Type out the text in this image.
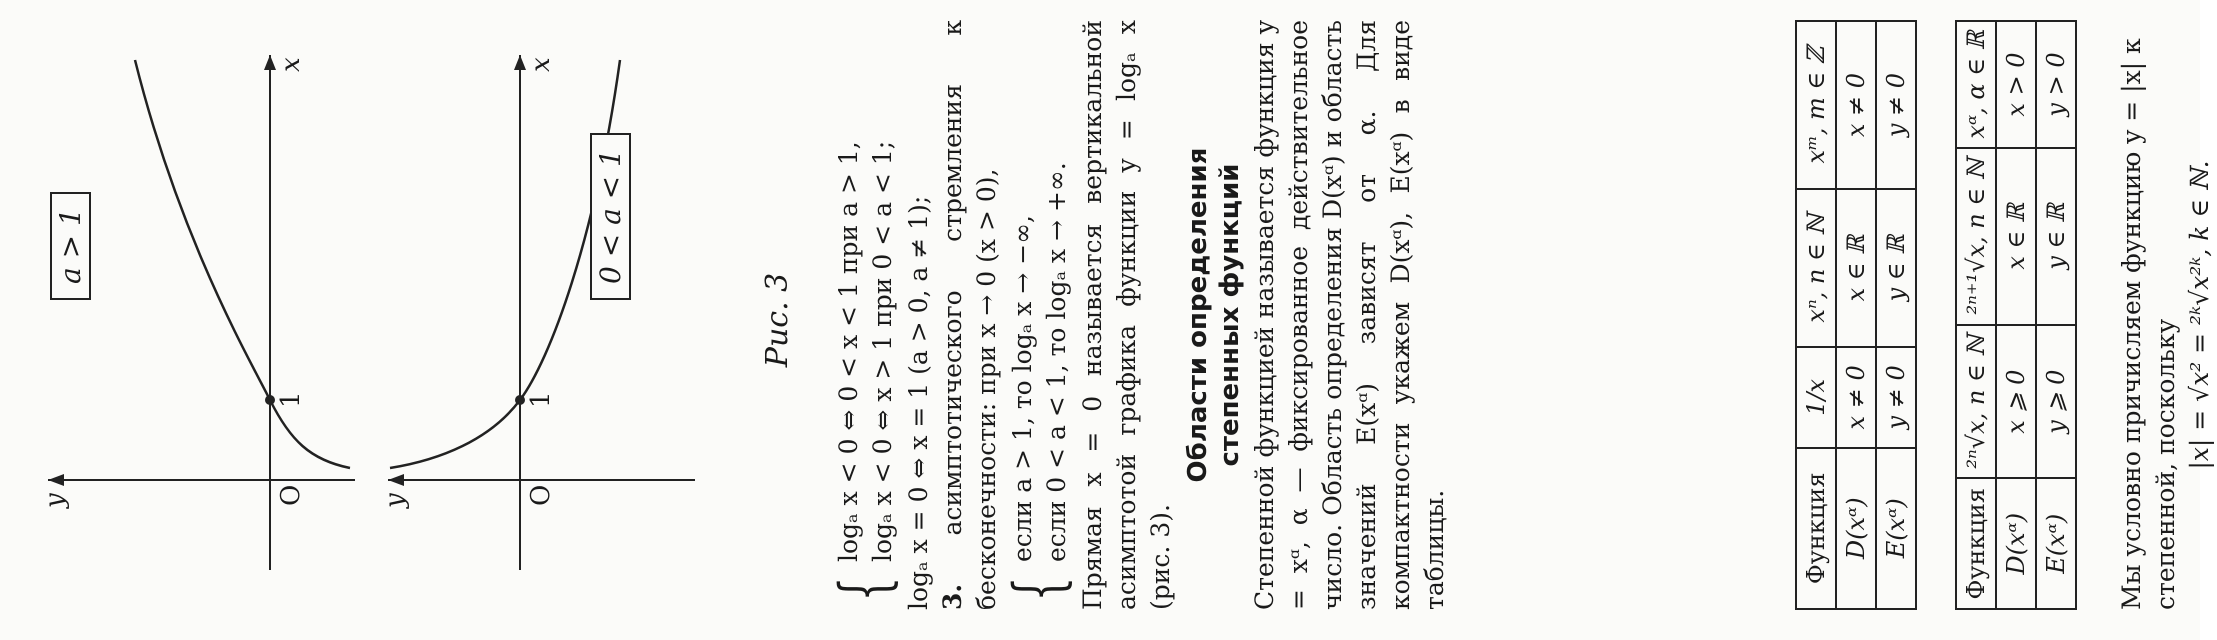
y
x
O
1
a > 1
y
x
O
1
0 < a < 1
Рис. 3
{
logₐ x < 0 ⇔ 0 < x < 1 при a > 1, logₐ x < 0 ⇔ x > 1 при 0 < a < 1; logₐ x = 0 ⇔ x = 1 (a > 0, a ≠ 1); 3. асимптотического стремления к бесконечности: при x → 0 (x > 0), {
если a > 1, то logₐ x → −∞, если 0 < a < 1, то logₐ x → +∞. Прямая x = 0 называется вертикальной асимптотой графика функции y = logₐ x (рис. 3).

Области определения степенных функций Степенной функцией называется функция y = xᵅ, α — фиксированное действительное число. Область определения D(xᵅ) и область значений E(xᵅ) зависят от α. Для компактности укажем D(xᵅ), E(xᵅ) в виде таблицы.	Функция	1/x	xⁿ, n ∈ ℕ	xᵐ, m ∈ ℤ
D(xᵅ)	x ≠ 0	x ∈ ℝ	x ≠ 0
E(xᵅ)	y ≠ 0	y ∈ ℝ	y ≠ 0
Функция	²ⁿ√x, n ∈ ℕ	²ⁿ⁺¹√x, n ∈ ℕ	xᵅ, α ∈ ℝ
D(xᵅ)	x ⩾ 0	x ∈ ℝ	x > 0
E(xᵅ)	y ⩾ 0	y ∈ ℝ	y > 0 Мы условно причисляем функцию y = |x| к степенной, поскольку |x| = √x² = ²ᵏ√x²ᵏ, k ∈ ℕ.
